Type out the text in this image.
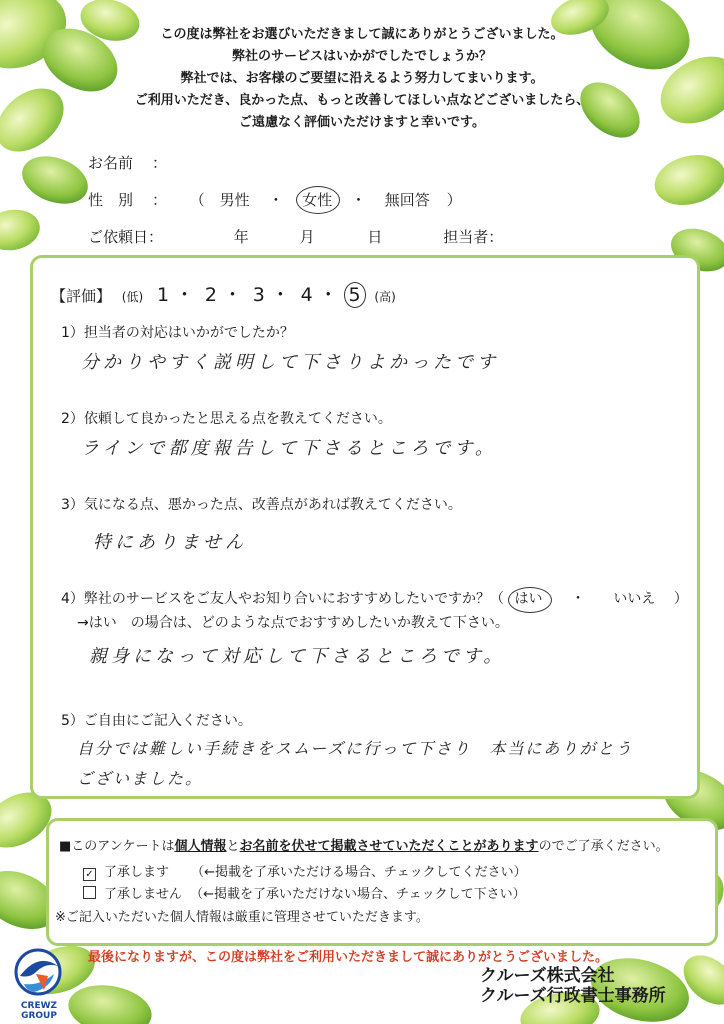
この度は弊社をお選びいただきまして誠にありがとうございました。
弊社のサービスはいかがでしたでしょうか？
弊社では、お客様のご要望に沿えるよう努力してまいります。
ご利用いただき、良かった点、もっと改善してほしい点などございましたら、
ご遠慮なく評価いただけますと幸いです。
お名前 ：
性　別 ： （ 男性 ・ 女性 ・ 無回答 ）
ご依頼日：	年	月	日	担当者：
【評価】 (低) 1 ・ 2 ・ 3 ・ 4 ・ 5 (高)
1）担当者の対応はいかがでしたか？
分かりやすく説明して下さりよかったです
2）依頼して良かったと思える点を教えてください。
ラインで都度報告して下さるところです。
3）気になる点、悪かった点、改善点があれば教えてください。
特にありません
4）弊社のサービスをご友人やお知り合いにおすすめしたいですか？（ はい ・ いいえ ）
→はい　の場合は、どのような点でおすすめしたいか教えて下さい。
親身になって対応して下さるところです。
5）ご自由にご記入ください。
自分では難しい手続きをスムーズに行って下さり　本当にありがとう
ございました。
■このアンケートは個人情報とお名前を伏せて掲載させていただくことがありますのでご了承ください。
✓ 了承します （←掲載を了承いただける場合、チェックしてください）
了承しません （←掲載を了承いただけない場合、チェックして下さい）
※ご記入いただいた個人情報は厳重に管理させていただきます。
最後になりますが、この度は弊社をご利用いただきまして誠にありがとうございました。
CREWZ
GROUP
クルーズ株式会社
クルーズ行政書士事務所
